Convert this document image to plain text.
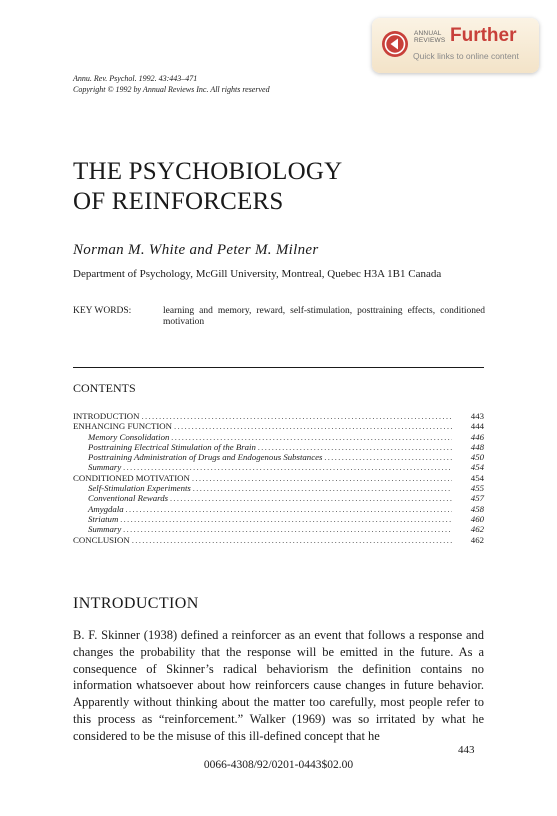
ANNUAL
REVIEWS Further
Quick links to online content
Annu. Rev. Psychol. 1992. 43:443–471
Copyright © 1992 by Annual Reviews Inc. All rights reserved
THE PSYCHOBIOLOGY
OF REINFORCERS
Norman M. White and Peter M. Milner
Department of Psychology, McGill University, Montreal, Quebec H3A 1B1 Canada
KEY WORDS:	learning and memory, reward, self-stimulation, posttraining effects, conditioned motivation
CONTENTS
INTRODUCTION .....	443
ENHANCING FUNCTION .....	444
Memory Consolidation .....	446
Posttraining Electrical Stimulation of the Brain .....	448
Posttraining Administration of Drugs and Endogenous Substances .....	450
Summary .....	454
CONDITIONED MOTIVATION .....	454
Self-Stimulation Experiments .....	455
Conventional Rewards .....	457
Amygdala .....	458
Striatum .....	460
Summary .....	462
CONCLUSION .....	462
INTRODUCTION

B. F. Skinner (1938) defined a reinforcer as an event that follows a response and changes the probability that the response will be emitted in the future. As a consequence of Skinner’s radical behaviorism the definition contains no information whatsoever about how reinforcers cause changes in future behavior. Apparently without thinking about the matter too carefully, most people refer to this process as “reinforcement.” Walker (1969) was so irritated by what he considered to be the misuse of this ill-defined concept that he

443
0066-4308/92/0201-0443$02.00
